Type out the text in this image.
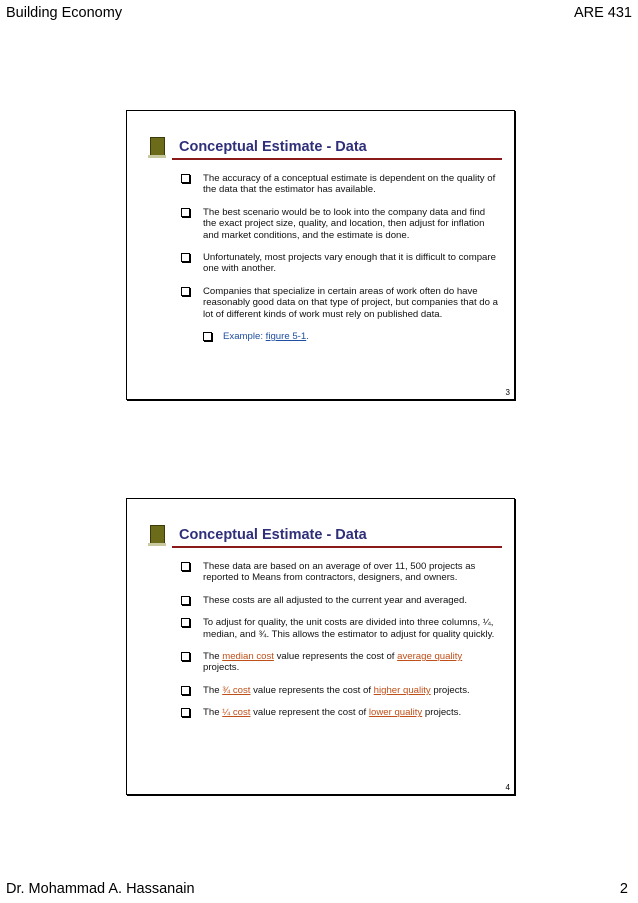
Building Economy	ARE 431
Conceptual Estimate - Data
The accuracy of a conceptual estimate is dependent on the quality of the data that the estimator has available.
The best scenario would be to look into the company data and find the exact project size, quality, and location, then adjust for inflation and market conditions, and the estimate is done.
Unfortunately, most projects vary enough that it is difficult to compare one with another.
Companies that specialize in certain areas of work often do have reasonably good data on that type of project, but companies that do a lot of different kinds of work must rely on published data.
Example: figure 5-1.
3
Conceptual Estimate - Data
These data are based on an average of over 11, 500 projects as reported to Means from contractors, designers, and owners.
These costs are all adjusted to the current year and averaged.
To adjust for quality, the unit costs are divided into three columns, ¼, median, and ¾. This allows the estimator to adjust for quality quickly.
The median cost value represents the cost of average quality projects.
The ¾ cost value represents the cost of higher quality projects.
The ¼ cost value represent the cost of lower quality projects.
4
Dr. Mohammad A. Hassanain	2
